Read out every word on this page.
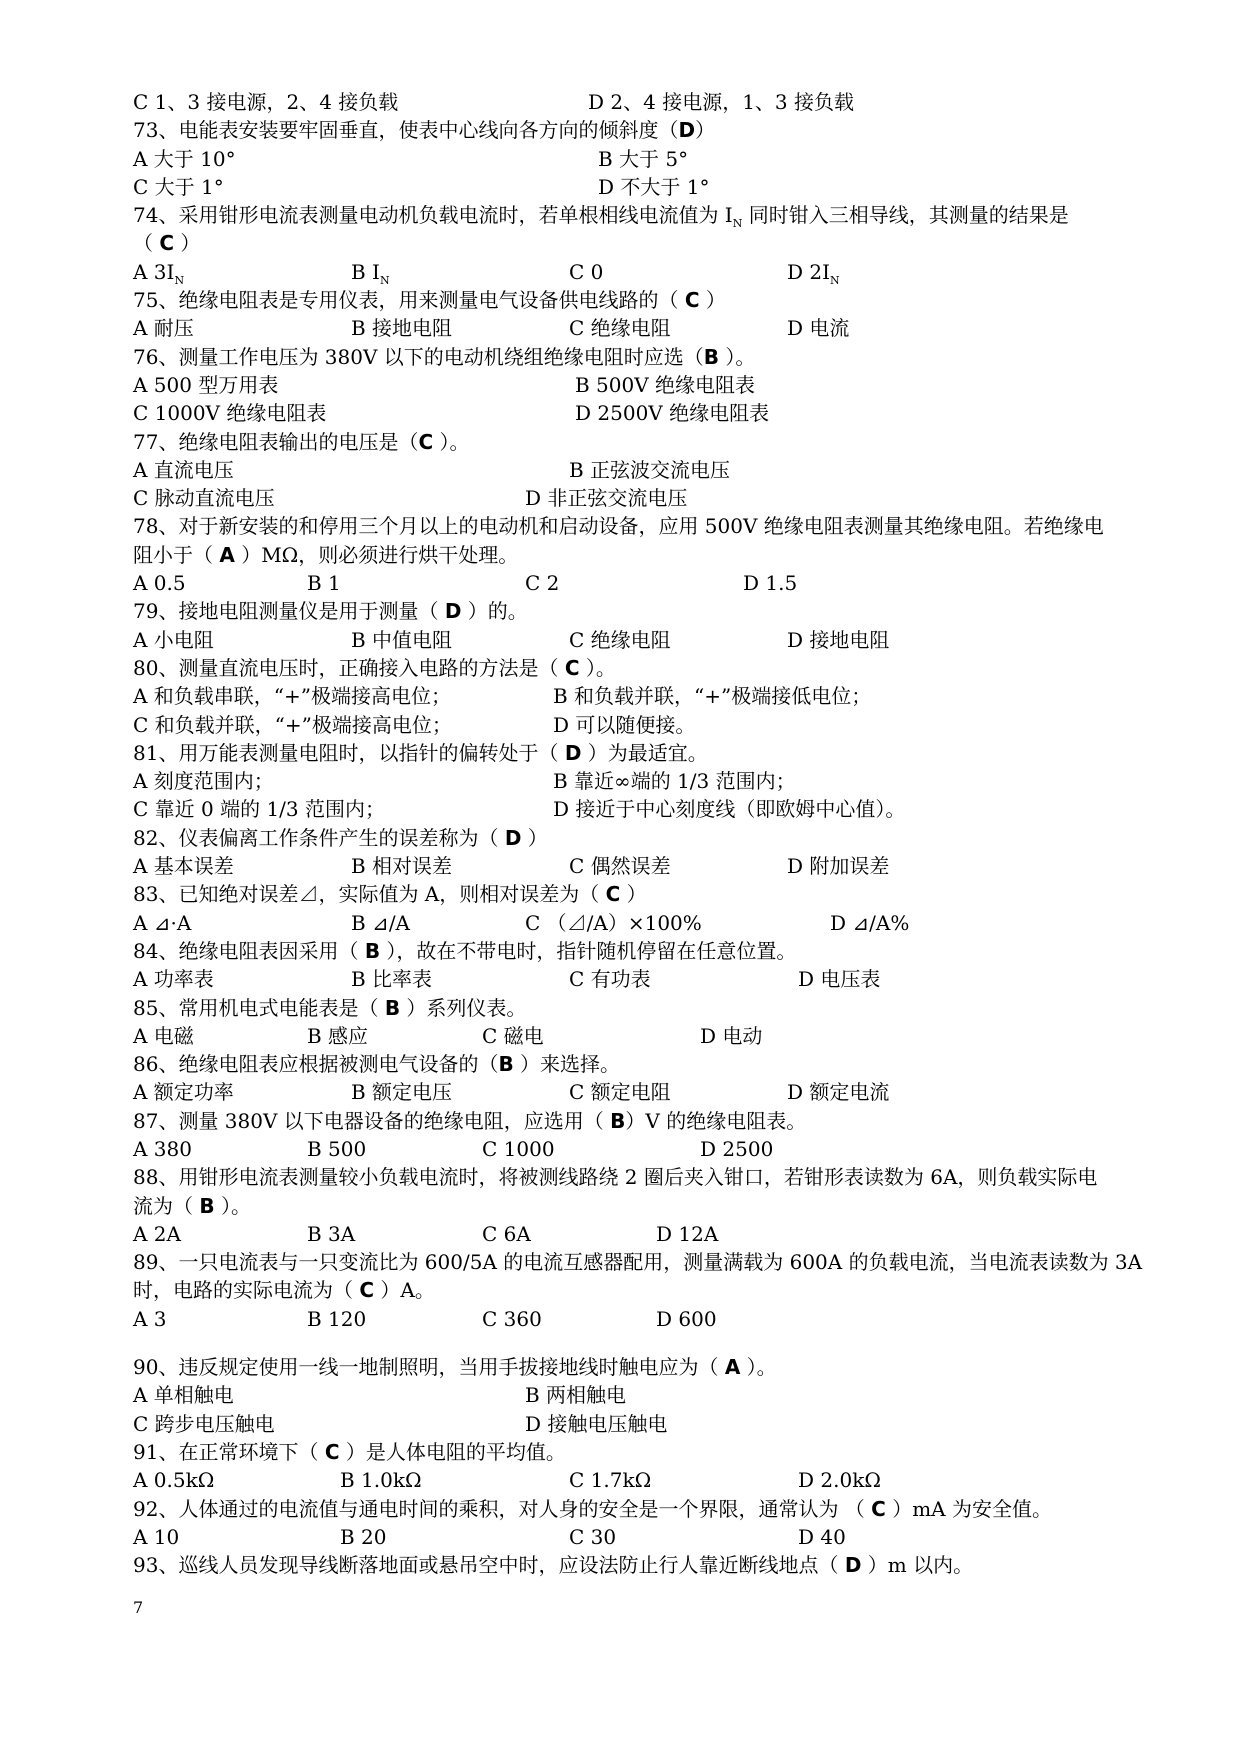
C 1、3 接电源，2、4 接负载	D 2、4 接电源，1、3 接负载
73、电能表安装要牢固垂直，使表中心线向各方向的倾斜度（D）
A 大于 10°	B 大于 5°
C 大于 1°	D 不大于 1°
74、采用钳形电流表测量电动机负载电流时，若单根相线电流值为 $I_N$ 同时钳入三相导线，其测量的结果是
（ C ）
A $3I_N$	B $I_N$	C 0	D $2I_N$
75、绝缘电阻表是专用仪表，用来测量电气设备供电线路的（ C ）
A 耐压	B 接地电阻	C 绝缘电阻	D 电流
76、测量工作电压为 380V 以下的电动机绕组绝缘电阻时应选（B ）。
A 500 型万用表	B 500V 绝缘电阻表
C 1000V 绝缘电阻表	D 2500V 绝缘电阻表
77、绝缘电阻表输出的电压是（C ）。
A 直流电压	B 正弦波交流电压
C 脉动直流电压	D 非正弦交流电压
78、对于新安装的和停用三个月以上的电动机和启动设备，应用 500V 绝缘电阻表测量其绝缘电阻。若绝缘电
阻小于（ A ）MΩ，则必须进行烘干处理。
A 0.5	B 1	C 2	D 1.5
79、接地电阻测量仪是用于测量（ D ）的。
A 小电阻	B 中值电阻	C 绝缘电阻	D 接地电阻
80、测量直流电压时，正确接入电路的方法是（ C ）。
A 和负载串联，“+”极端接高电位；	B 和负载并联，“+”极端接低电位；
C 和负载并联，“+”极端接高电位；	D 可以随便接。
81、用万能表测量电阻时，以指针的偏转处于（ D ）为最适宜。
A 刻度范围内；	B 靠近∞端的 1/3 范围内；
C 靠近 0 端的 1/3 范围内；	D 接近于中心刻度线（即欧姆中心值）。
82、仪表偏离工作条件产生的误差称为（ D ）
A 基本误差	B 相对误差	C 偶然误差	D 附加误差
83、已知绝对误差⊿，实际值为 A，则相对误差为（ C ）
A ⊿·A	B ⊿/A	C （⊿/A）×100%	D ⊿/A%
84、绝缘电阻表因采用（ B ），故在不带电时，指针随机停留在任意位置。
A 功率表	B 比率表	C 有功表	D 电压表
85、常用机电式电能表是（ B ）系列仪表。
A 电磁	B 感应	C 磁电	D 电动
86、绝缘电阻表应根据被测电气设备的（B ）来选择。
A 额定功率	B 额定电压	C 额定电阻	D 额定电流
87、测量 380V 以下电器设备的绝缘电阻，应选用（ B）V 的绝缘电阻表。
A 380	B 500	C 1000	D 2500
88、用钳形电流表测量较小负载电流时，将被测线路绕 2 圈后夹入钳口，若钳形表读数为 6A，则负载实际电
流为（ B ）。
A 2A	B 3A	C 6A	D 12A
89、一只电流表与一只变流比为 600/5A 的电流互感器配用，测量满载为 600A 的负载电流，当电流表读数为 3A
时，电路的实际电流为（ C ）A。
A 3	B 120	C 360	D 600
90、违反规定使用一线一地制照明，当用手拔接地线时触电应为（ A ）。
A 单相触电	B 两相触电
C 跨步电压触电	D 接触电压触电
91、在正常环境下（ C ）是人体电阻的平均值。
A 0.5kΩ	B 1.0kΩ	C 1.7kΩ	D 2.0kΩ
92、人体通过的电流值与通电时间的乘积，对人身的安全是一个界限，通常认为 （ C ）mA 为安全值。
A 10	B 20	C 30	D 40
93、巡线人员发现导线断落地面或悬吊空中时，应设法防止行人靠近断线地点（ D ）m 以内。
7
